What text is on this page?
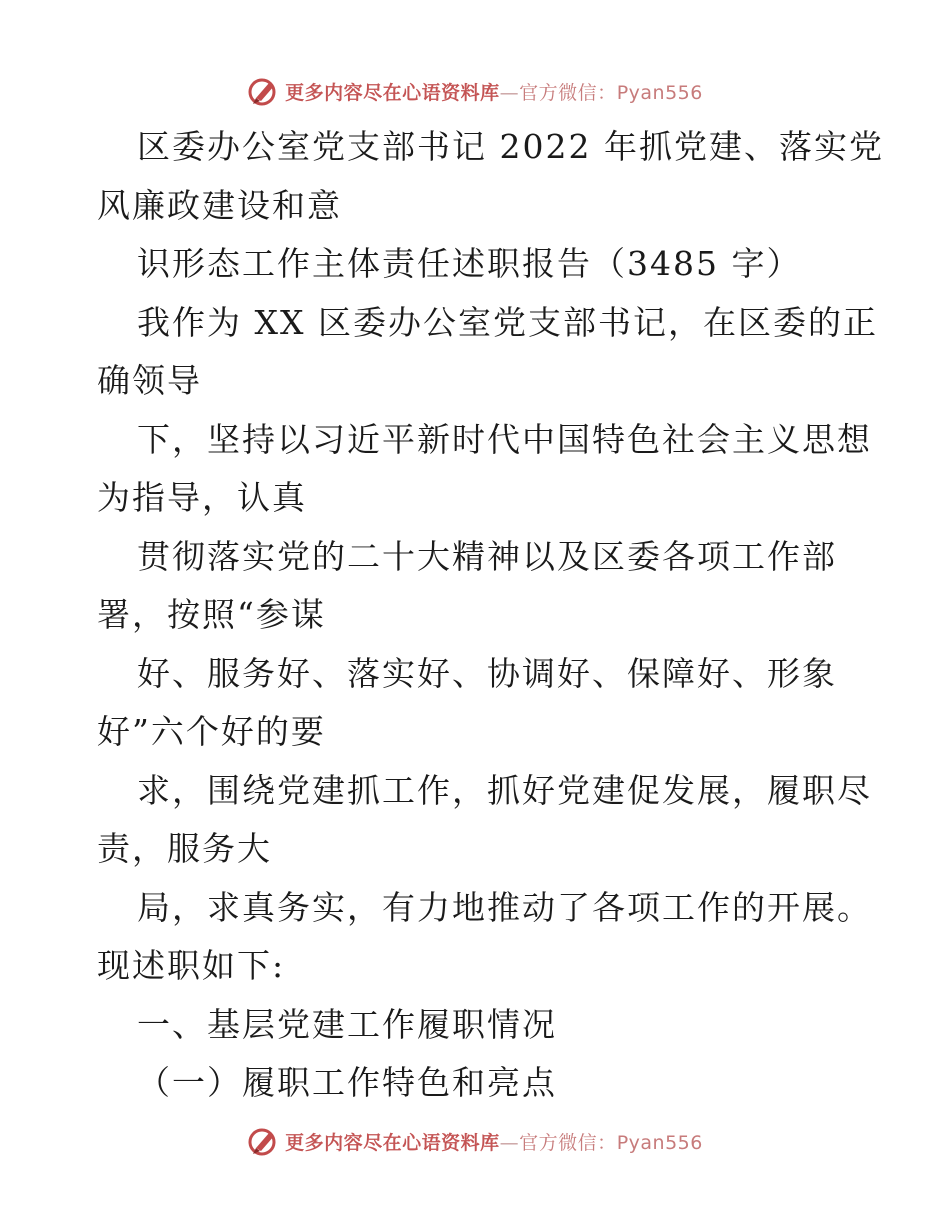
更多内容尽在心语资料库—官方微信：Pyan556

区委办公室党支部书记 2022 年抓党建、落实党

风廉政建设和意

识形态工作主体责任述职报告（3485 字）

我作为 XX 区委办公室党支部书记，在区委的正

确领导

下，坚持以习近平新时代中国特色社会主义思想

为指导，认真

贯彻落实党的二十大精神以及区委各项工作部

署，按照“参谋

好、服务好、落实好、协调好、保障好、形象

好”六个好的要

求，围绕党建抓工作，抓好党建促发展，履职尽

责，服务大

局，求真务实，有力地推动了各项工作的开展。

现述职如下:

一、基层党建工作履职情况

（一）履职工作特色和亮点

更多内容尽在心语资料库—官方微信：Pyan556
